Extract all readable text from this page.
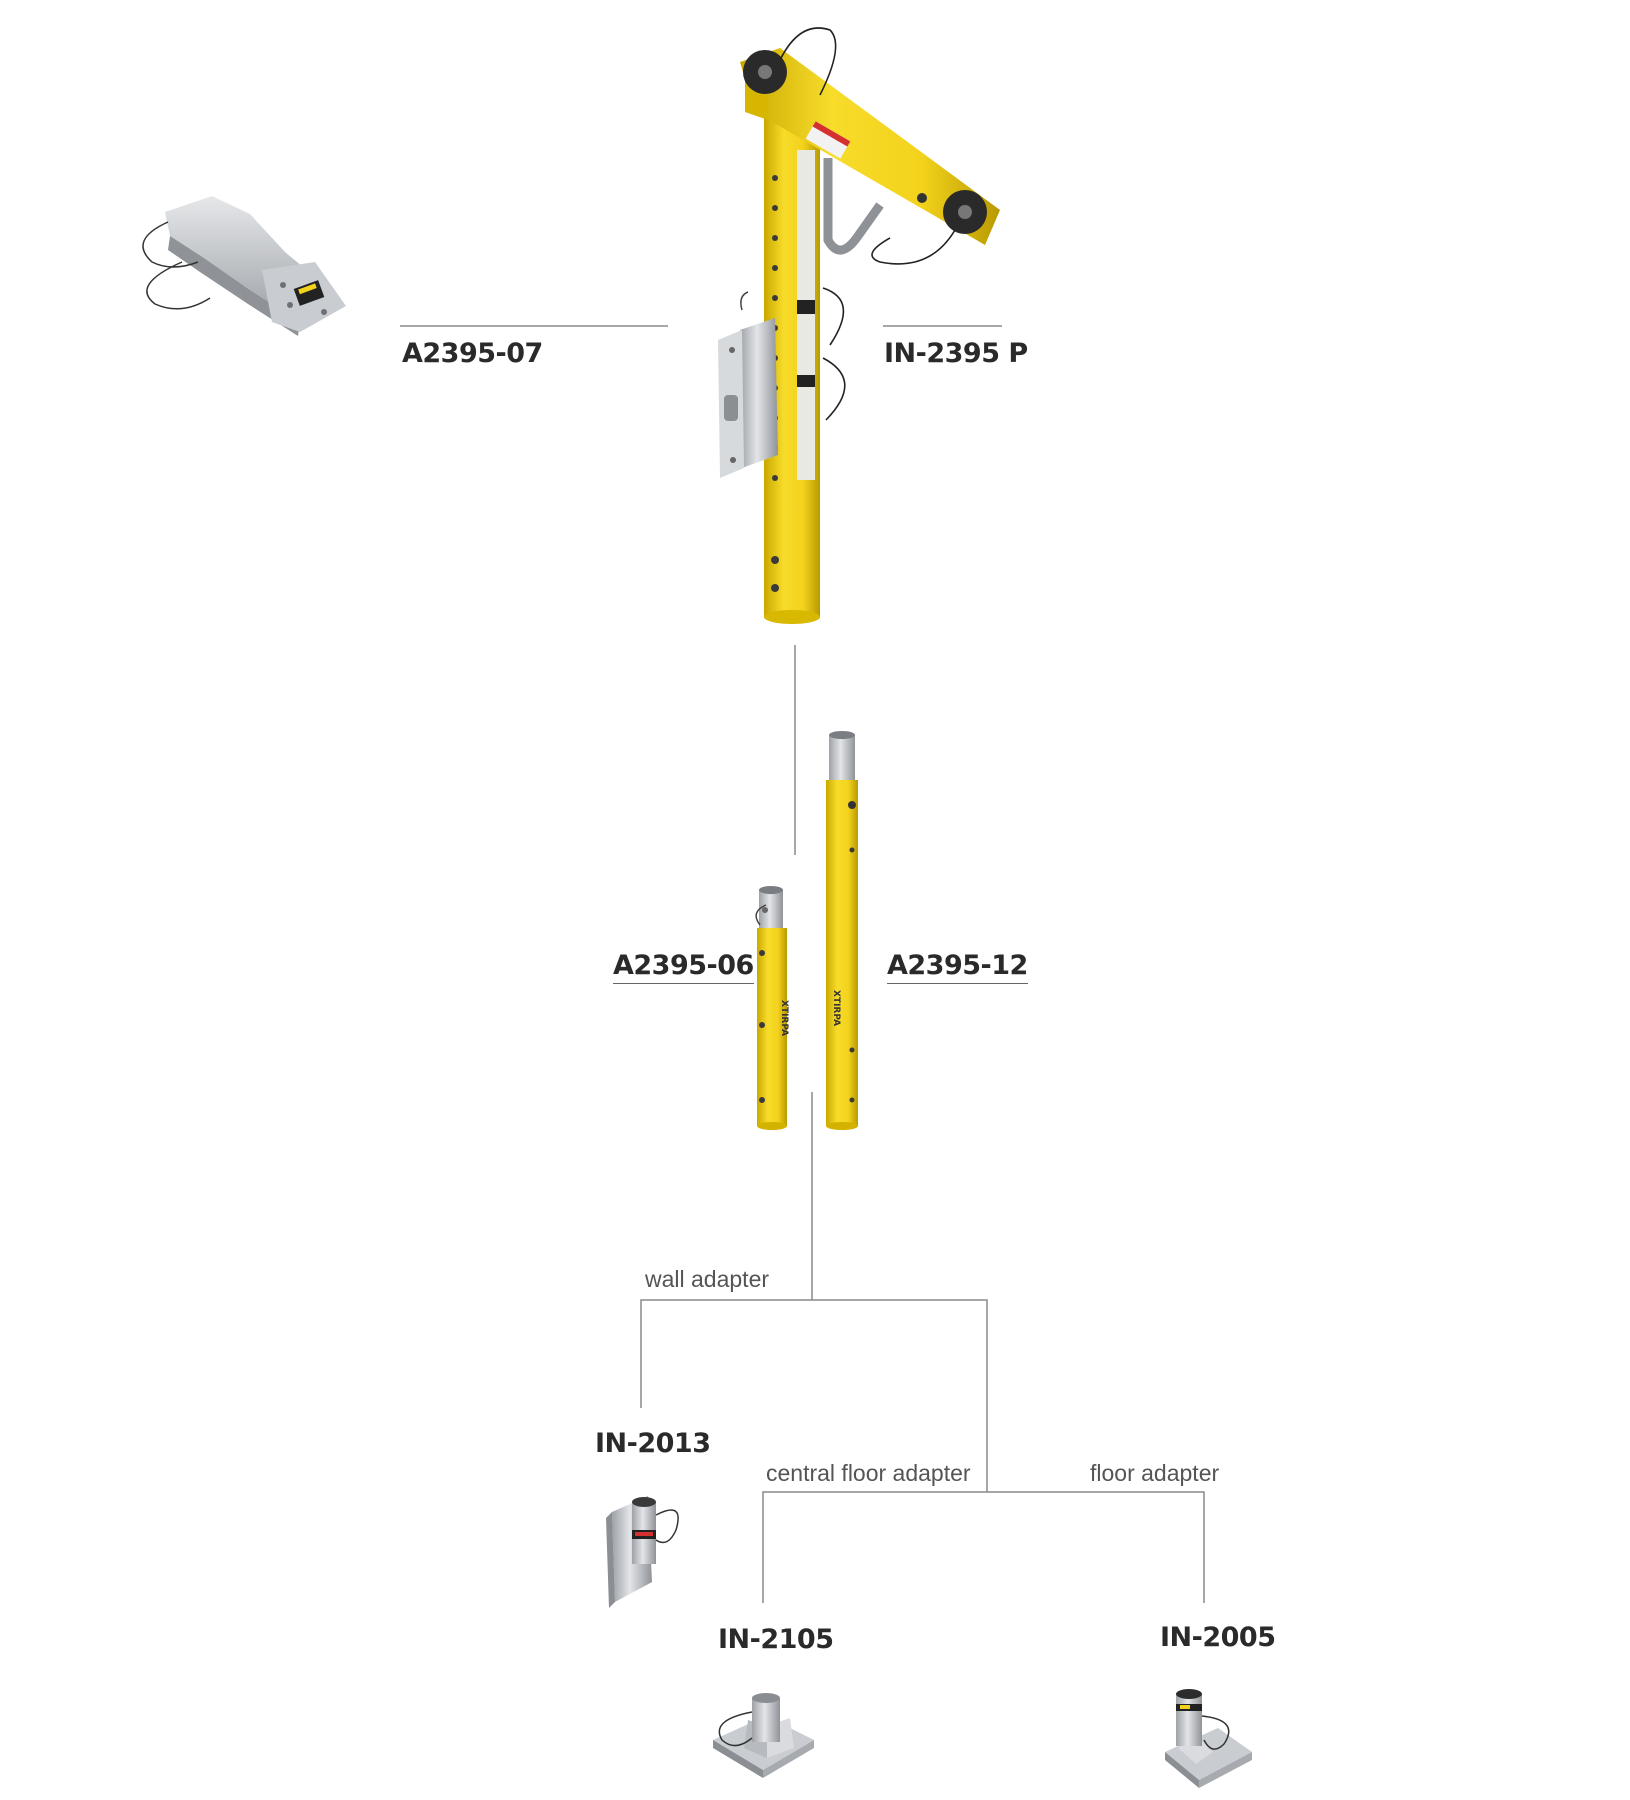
XTIRPA	XTIRPA
A2395-07	IN-2395 P
A2395-06	A2395-12
IN-2013
IN-2105	IN-2005
wall adapter
central floor adapter	floor adapter
